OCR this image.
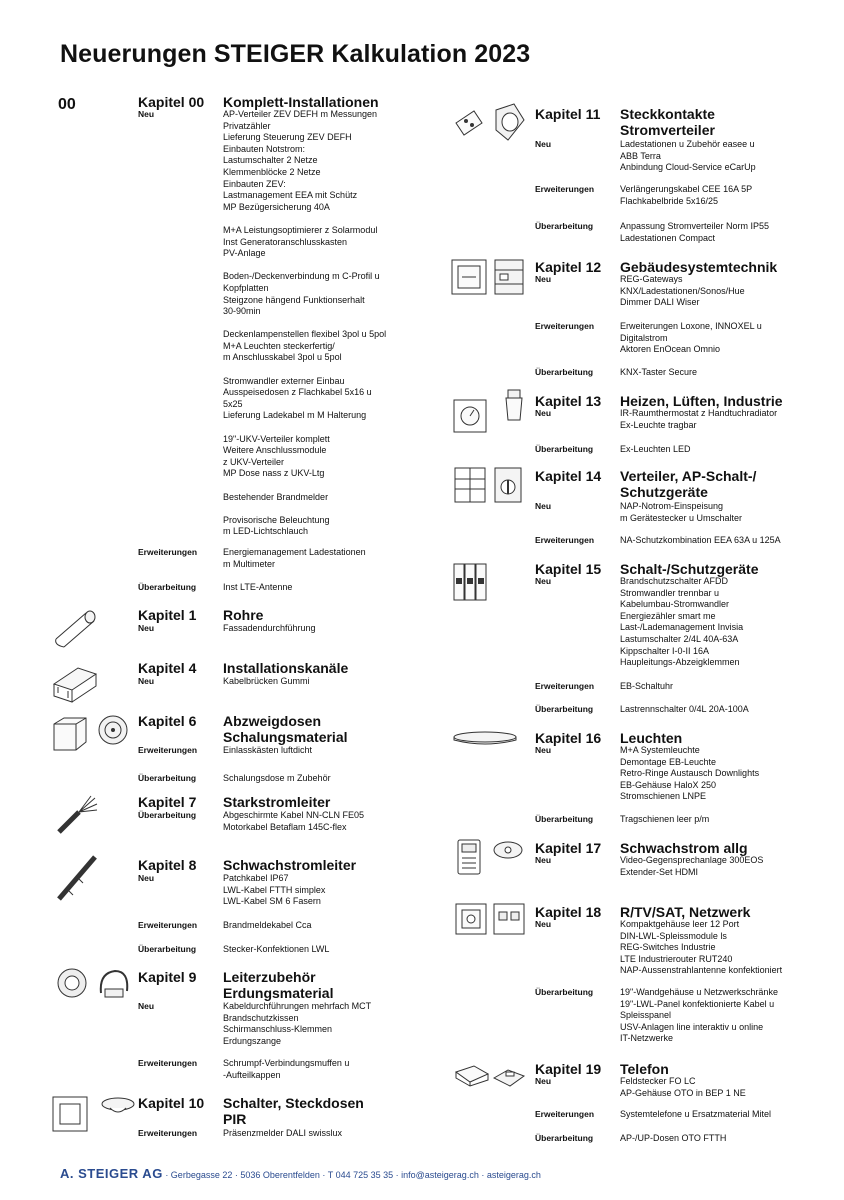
Neuerungen STEIGER Kalkulation 2023
00	Kapitel 00 Komplett-Installationen
Neu	AP-Verteiler ZEV DEFH m Messungen
Privatzähler
Lieferung Steuerung ZEV DEFH
Einbauten Notstrom:
Lastumschalter 2 Netze
Klemmenblöcke 2 Netze
Einbauten ZEV:
Lastmanagement EEA mit Schütz
MP Bezügersicherung 40A
M+A Leistungsoptimierer z Solarmodul
Inst Generatoranschlusskasten
PV-Anlage
Boden-/Deckenverbindung m C-Profil u
Kopfplatten
Steigzone hängend Funktionserhalt
30-90min
Deckenlampenstellen flexibel 3pol u 5pol
M+A Leuchten steckerfertig/
m Anschlusskabel 3pol u 5pol
Stromwandler externer Einbau
Ausspeisedosen z Flachkabel 5x16 u
5x25
Lieferung Ladekabel m M Halterung
19"-UKV-Verteiler komplett
Weitere Anschlussmodule
z UKV-Verteiler
MP Dose nass z UKV-Ltg
Bestehender Brandmelder
Provisorische Beleuchtung
m LED-Lichtschlauch
Erweiterungen	Energiemanagement Ladestationen
m Multimeter
Überarbeitung	Inst LTE-Antenne
Kapitel 1 Rohre
Neu	Fassadendurchführung
Kapitel 4 Installationskanäle
Neu	Kabelbrücken Gummi
Kapitel 6 Abzweigdosen
Schalungsmaterial
Erweiterungen	Einlasskästen luftdicht
Überarbeitung	Schalungsdose m Zubehör
Kapitel 7 Starkstromleiter
Überarbeitung	Abgeschirmte Kabel NN-CLN FE05
Motorkabel Betaflam 145C-flex
Kapitel 8 Schwachstromleiter
Neu	Patchkabel IP67
LWL-Kabel FTTH simplex
LWL-Kabel SM 6 Fasern
Erweiterungen	Brandmeldekabel Cca
Überarbeitung	Stecker-Konfektionen LWL
Kapitel 9 Leiterzubehör
Erdungsmaterial
Neu	Kabeldurchführungen mehrfach MCT
Brandschutzkissen
Schirmanschluss-Klemmen
Erdungszange
Erweiterungen	Schrumpf-Verbindungsmuffen u
-Aufteilkappen
Kapitel 10 Schalter, Steckdosen
PIR
Erweiterungen	Präsenzmelder DALI swisslux
Kapitel 11 Steckkontakte
Stromverteiler
Neu	Ladestationen u Zubehör easee u
ABB Terra
Anbindung Cloud-Service eCarUp
Erweiterungen	Verlängerungskabel CEE 16A 5P
Flachkabelbride 5x16/25
Überarbeitung	Anpassung Stromverteiler Norm IP55
Ladestationen Compact
Kapitel 12 Gebäudesystemtechnik
Neu	REG-Gateways
KNX/Ladestationen/Sonos/Hue
Dimmer DALI Wiser
Erweiterungen	Erweiterungen Loxone, INNOXEL u
Digitalstrom
Aktoren EnOcean Omnio
Überarbeitung	KNX-Taster Secure
Kapitel 13 Heizen, Lüften, Industrie
Neu	IR-Raumthermostat z Handtuchradiator
Ex-Leuchte tragbar
Überarbeitung	Ex-Leuchten LED
Kapitel 14 Verteiler, AP-Schalt-/
Schutzgeräte
Neu	NAP-Notrom-Einspeisung
m Gerätestecker u Umschalter
Erweiterungen	NA-Schutzkombination EEA 63A u 125A
Kapitel 15 Schalt-/Schutzgeräte
Neu	Brandschutzschalter AFDD
Stromwandler trennbar u
Kabelumbau-Stromwandler
Energiezähler smart me
Last-/Lademanagement Invisia
Lastumschalter 2/4L 40A-63A
Kippschalter I-0-II 16A
Haupleitungs-Abzeigklemmen
Erweiterungen	EB-Schaltuhr
Überarbeitung	Lastrennschalter 0/4L 20A-100A
Kapitel 16 Leuchten
Neu	M+A Systemleuchte
Demontage EB-Leuchte
Retro-Ringe Austausch Downlights
EB-Gehäuse HaloX 250
Stromschienen LNPE
Überarbeitung	Tragschienen leer p/m
Kapitel 17 Schwachstrom allg
Neu	Video-Gegensprechanlage 300EOS
Extender-Set HDMI
Kapitel 18 R/TV/SAT, Netzwerk
Neu	Kompaktgehäuse leer 12 Port
DIN-LWL-Spleissmodule ls
REG-Switches Industrie
LTE Industrierouter RUT240
NAP-Aussenstrahlantenne konfektioniert
Überarbeitung	19"-Wandgehäuse u Netzwerkschränke
19"-LWL-Panel konfektionierte Kabel u
Spleisspanel
USV-Anlagen line interaktiv u online
IT-Netzwerke
Kapitel 19 Telefon
Neu	Feldstecker FO LC
AP-Gehäuse OTO in BEP 1 NE
Erweiterungen	Systemtelefone u Ersatzmaterial Mitel
Überarbeitung	AP-/UP-Dosen OTO FTTH
A. STEIGER AG · Gerbegasse 22 · 5036 Oberentfelden · T 044 725 35 35 · info@asteigerag.ch · asteigerag.ch
